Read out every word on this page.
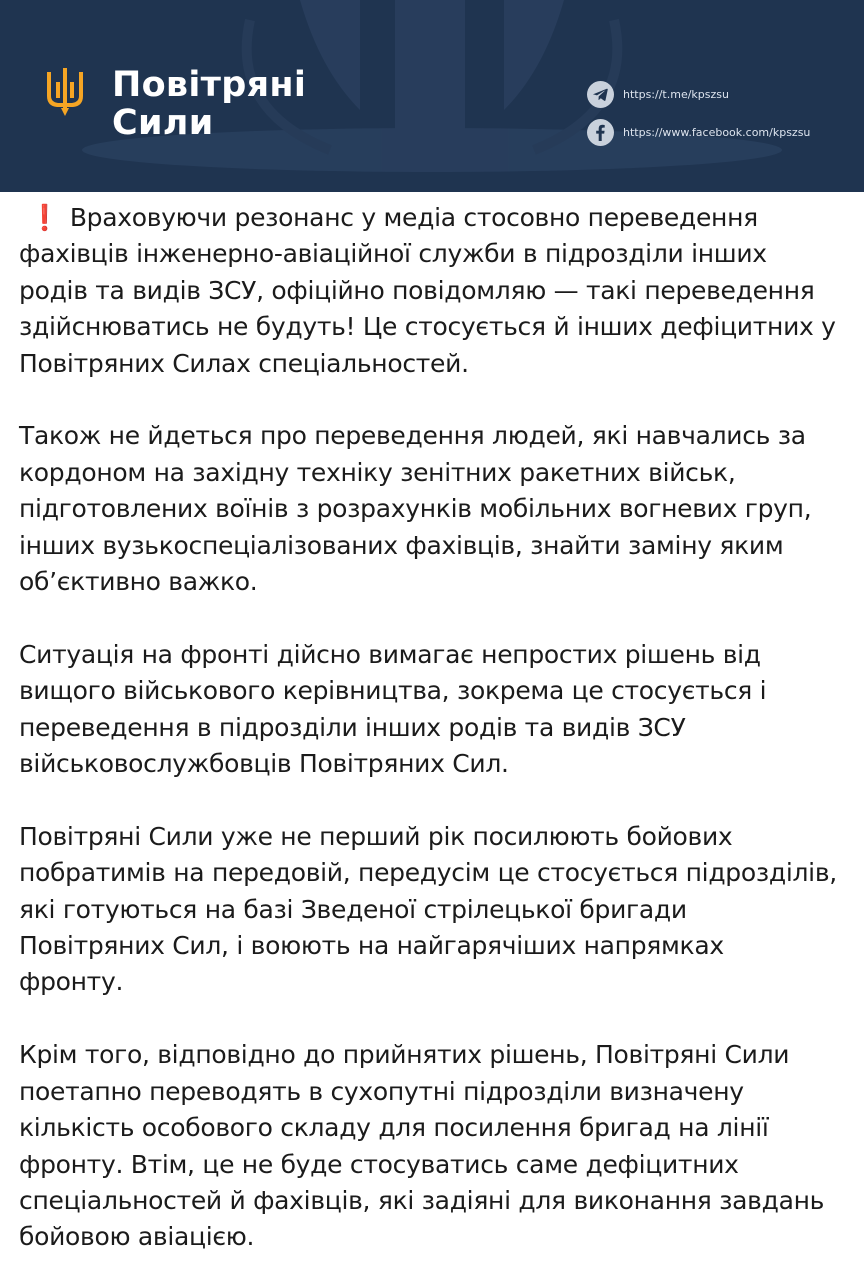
Повітряні
Сили
https://t.me/kpszsu
https://www.facebook.com/kpszsu

❗ Враховуючи резонанс у медіа стосовно переведення
фахівців інженерно-авіаційної служби в підрозділи інших
родів та видів ЗСУ, офіційно повідомляю — такі переведення
здійснюватись не будуть! Це стосується й інших дефіцитних у
Повітряних Силах спеціальностей.

Також не йдеться про переведення людей, які навчались за
кордоном на західну техніку зенітних ракетних військ,
підготовлених воїнів з розрахунків мобільних вогневих груп,
інших вузькоспеціалізованих фахівців, знайти заміну яким
об’єктивно важко.

Ситуація на фронті дійсно вимагає непростих рішень від
вищого військового керівництва, зокрема це стосується і
переведення в підрозділи інших родів та видів ЗСУ
військовослужбовців Повітряних Сил.

Повітряні Сили уже не перший рік посилюють бойових
побратимів на передовій, передусім це стосується підрозділів,
які готуються на базі Зведеної стрілецької бригади
Повітряних Сил, і воюють на найгарячіших напрямках
фронту.

Крім того, відповідно до прийнятих рішень, Повітряні Сили
поетапно переводять в сухопутні підрозділи визначену
кількість особового складу для посилення бригад на лінії
фронту. Втім, це не буде стосуватись саме дефіцитних
спеціальностей й фахівців, які задіяні для виконання завдань
бойовою авіацією.
